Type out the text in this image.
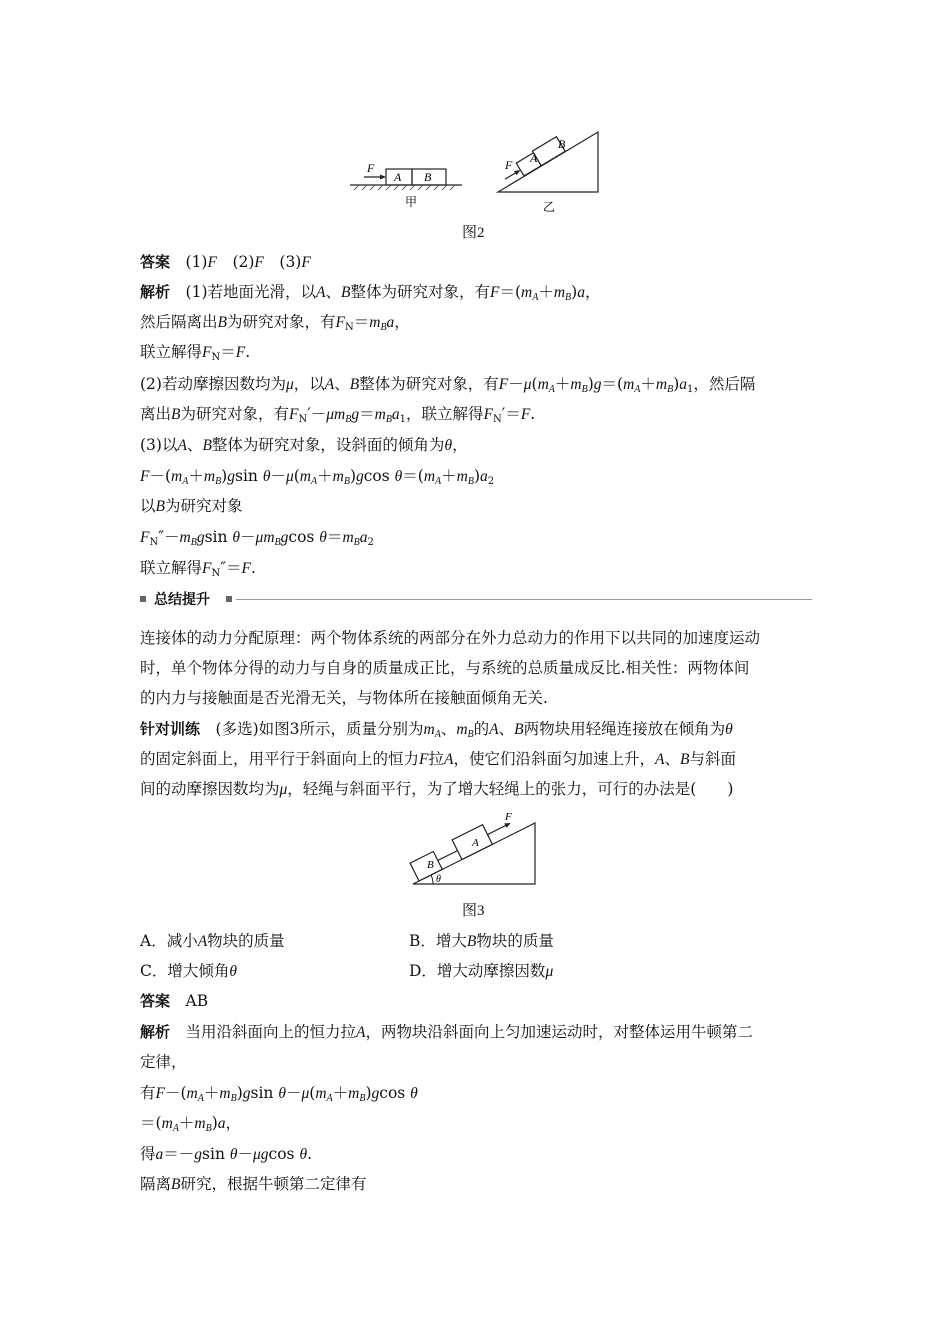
F
A B
甲
F A
B
乙
图2
答案　(1)F　(2)F　(3)F
解析　 (1)若地面光滑，以A、B整体为研究对象，有$F=(m_A+m_B)a$，
然后隔离出B为研究对象，有$F_N=m_Ba$，
联立解得$F_N=F$.
(2)若动摩擦因数均为μ，以A、B整体为研究对象，有$F-\mu(m_A+m_B)g=(m_A+m_B)a_1$，然后隔
离出B为研究对象，有$F_N'-\mu m_Bg=m_Ba_1$，联立解得$F_N'=F$.
(3)以A、B整体为研究对象，设斜面的倾角为θ，
$F-(m_A+m_B)gsin$ $\theta-\mu(m_A+m_B)gcos$ $\theta=(m_A+m_B)a_2$
以B为研究对象
$F_N''-m_Bgsin$ $\theta-\mu m_Bgcos$ $\theta=m_Ba_2$
联立解得$F_N''=F$.
总结提升
连接体的动力分配原理：两个物体系统的两部分在外力总动力的作用下以共同的加速度运动
时，单个物体分得的动力与自身的质量成正比，与系统的总质量成反比.相关性：两物体间
的内力与接触面是否光滑无关，与物体所在接触面倾角无关.
针对训练　 (多选)如图3所示，质量分别为$m_A$、$m_B$的A、B两物块用轻绳连接放在倾角为θ
的固定斜面上，用平行于斜面向上的恒力F拉A，使它们沿斜面匀加速上升，A、B与斜面
间的动摩擦因数均为μ，轻绳与斜面平行，为了增大轻绳上的张力，可行的办法是(　　)
θ
B
A
F
图3
A．减小A物块的质量	B．增大B物块的质量
C．增大倾角θ	D．增大动摩擦因数μ
答案　 AB
解析　 当用沿斜面向上的恒力拉A，两物块沿斜面向上匀加速运动时，对整体运用牛顿第二
定律，
有$F-(m_A+m_B)gsin$ $\theta-\mu(m_A+m_B)gcos$ θ
$=(m_A+m_B)a$，
得a＝－gsin θ－μgcos θ.
隔离B研究，根据牛顿第二定律有
